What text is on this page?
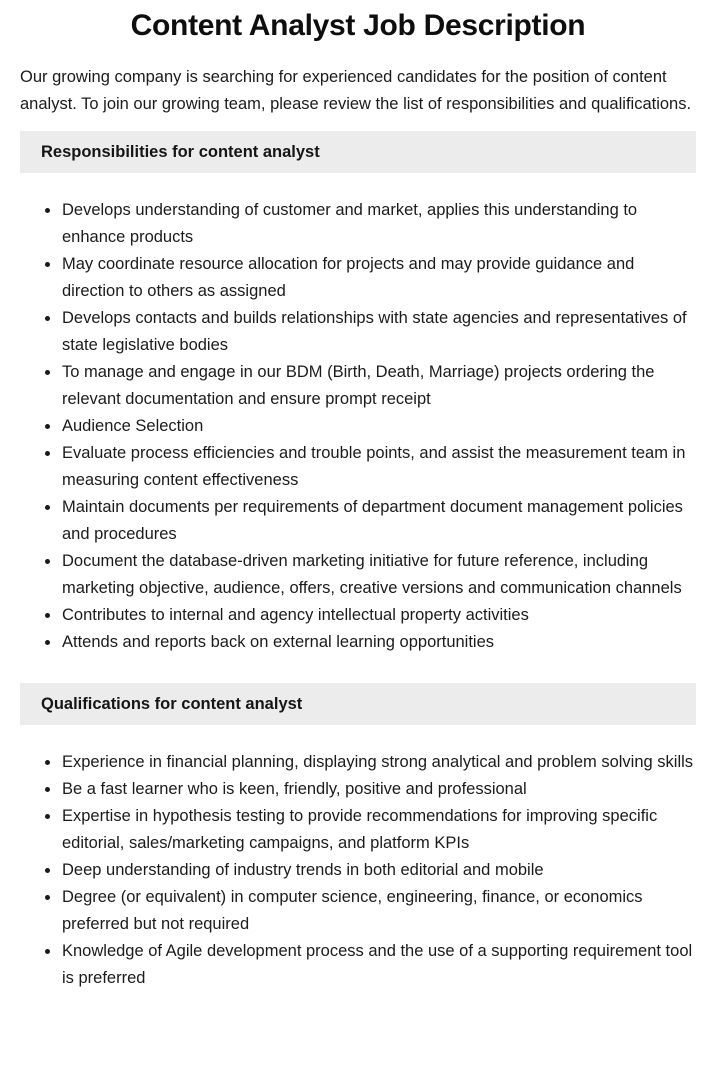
Content Analyst Job Description

Our growing company is searching for experienced candidates for the position of content analyst. To join our growing team, please review the list of responsibilities and qualifications.

Responsibilities for content analyst
Develops understanding of customer and market, applies this understanding to enhance products
May coordinate resource allocation for projects and may provide guidance and direction to others as assigned
Develops contacts and builds relationships with state agencies and representatives of state legislative bodies
To manage and engage in our BDM (Birth, Death, Marriage) projects ordering the relevant documentation and ensure prompt receipt
Audience Selection
Evaluate process efficiencies and trouble points, and assist the measurement team in measuring content effectiveness
Maintain documents per requirements of department document management policies and procedures
Document the database-driven marketing initiative for future reference, including marketing objective, audience, offers, creative versions and communication channels
Contributes to internal and agency intellectual property activities
Attends and reports back on external learning opportunities
Qualifications for content analyst
Experience in financial planning, displaying strong analytical and problem solving skills
Be a fast learner who is keen, friendly, positive and professional
Expertise in hypothesis testing to provide recommendations for improving specific editorial, sales/marketing campaigns, and platform KPIs
Deep understanding of industry trends in both editorial and mobile
Degree (or equivalent) in computer science, engineering, finance, or economics preferred but not required
Knowledge of Agile development process and the use of a supporting requirement tool is preferred
